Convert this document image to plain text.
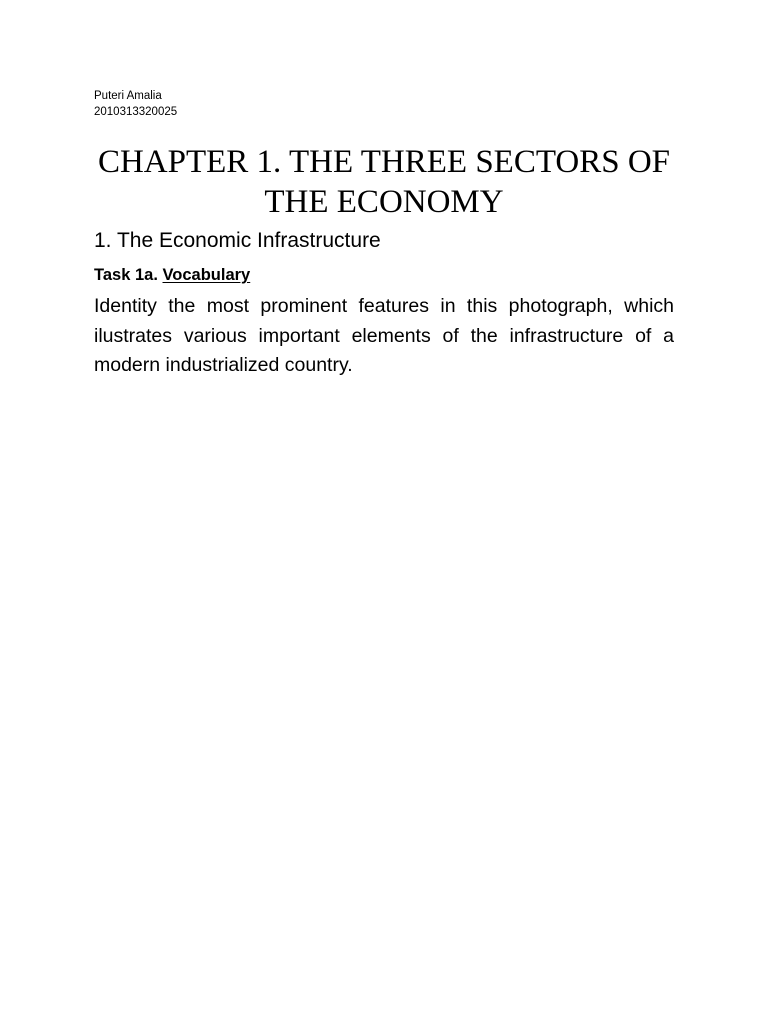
Puteri Amalia
2010313320025
CHAPTER 1. THE THREE SECTORS OF THE ECONOMY
1. The Economic Infrastructure
Task 1a. Vocabulary

Identity the most prominent features in this photograph, which ilustrates various important elements of the infrastructure of a modern industrialized country.
